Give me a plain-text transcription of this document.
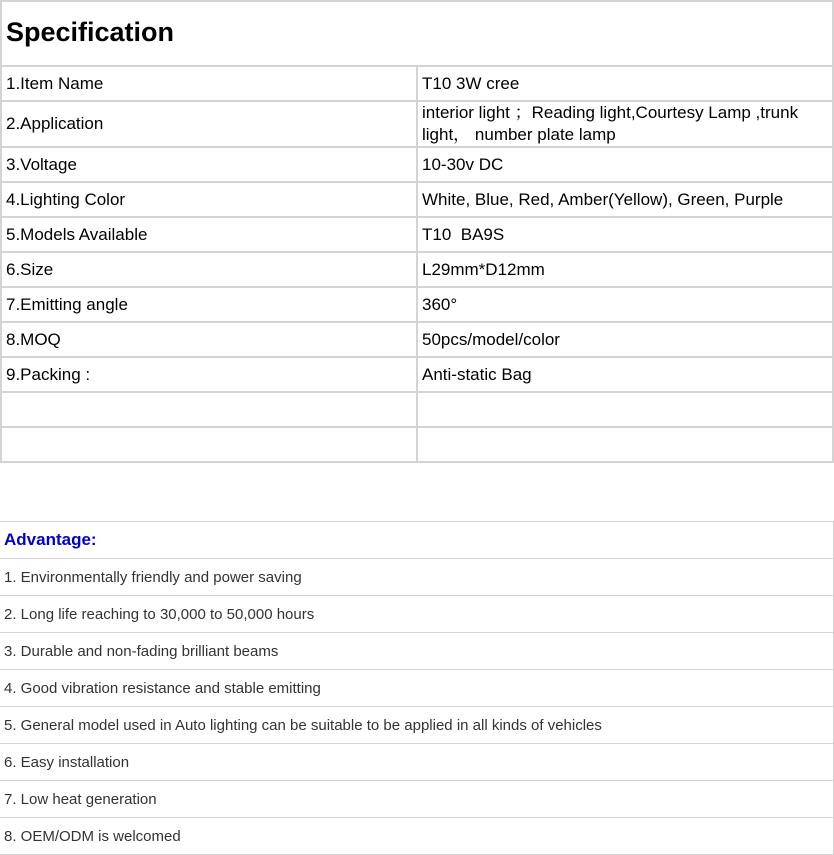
Specification	
1.Item Name	T10 3W cree
2.Application	interior light ；Reading light,Courtesy Lamp ,trunk light， number plate lamp
3.Voltage	10-30v DC
4.Lighting Color	White, Blue, Red, Amber(Yellow), Green, Purple
5.Models Available	T10  BA9S
6.Size	L29mm*D12mm
7.Emitting angle	360°
8.MOQ	50pcs/model/color
9.Packing :	Anti-static Bag

Advantage:
1. Environmentally friendly and power saving
2. Long life reaching to 30,000 to 50,000 hours
3. Durable and non-fading brilliant beams
4. Good vibration resistance and stable emitting
5. General model used in Auto lighting can be suitable to be applied in all kinds of vehicles
6. Easy installation
7. Low heat generation
8. OEM/ODM is welcomed
